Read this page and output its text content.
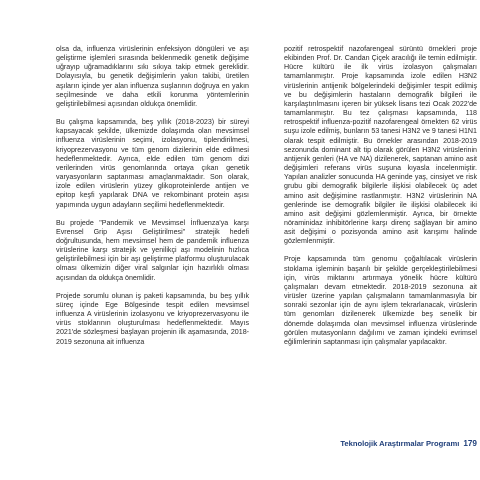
olsa da, influenza virüslerinin enfeksiyon döngüleri ve aşı geliştirme işlemleri sırasında beklenmedik genetik değişime uğrayıp uğramadıklarını sıkı sıkıya takip etmek gereklidir. Dolayısıyla, bu genetik değişimlerin yakın takibi, üretilen aşıların içinde yer alan influenza suşlarının doğruya en yakın seçilmesinde ve daha etkili korunma yöntemlerinin geliştirilebilmesi açısından oldukça önemlidir.

Bu çalışma kapsamında, beş yıllık (2018-2023) bir süreyi kapsayacak şekilde, ülkemizde dolaşımda olan mevsimsel influenza virüslerinin seçimi, izolasyonu, tiplendirilmesi, kriyoprezervasyonu ve tüm genom dizilerinin elde edilmesi hedeflenmektedir. Ayrıca, elde edilen tüm genom dizi verilerinden virüs genomlarında ortaya çıkan genetik varyasyonların saptanması amaçlanmaktadır. Son olarak, izole edilen virüslerin yüzey glikoproteinlerde antijen ve epitop keşfi yapılarak DNA ve rekombinant protein aşısı yapımında uygun adayların seçilimi hedeflenmektedir.

Bu projede "Pandemik ve Mevsimsel İnfluenza'ya karşı Evrensel Grip Aşısı Geliştirilmesi" stratejik hedefi doğrultusunda, hem mevsimsel hem de pandemik influenza virüslerine karşı stratejik ve yenilikçi aşı modelinin hızlıca geliştirilebilmesi için bir aşı geliştirme platformu oluşturulacak olması ülkemizin diğer viral salgınlar için hazırlıklı olması açısından da oldukça önemlidir.

Projede sorumlu olunan iş paketi kapsamında, bu beş yıllık süreç içinde Ege Bölgesinde tespit edilen mevsimsel influenza A virüslerinin izolasyonu ve kriyoprezervasyonu ile virüs stoklarının oluşturulması hedeflenmektedir. Mayıs 2021'de sözleşmesi başlayan projenin ilk aşamasında, 2018-2019 sezonuna ait influenza

pozitif retrospektif nazofarengeal sürüntü örnekleri proje ekibinden Prof. Dr. Candan Çiçek aracılığı ile temin edilmiştir. Hücre kültürü ile ilk virüs izolasyon çalışmaları tamamlanmıştır. Proje kapsamında izole edilen H3N2 virüslerinin antijenik bölgelerindeki değişimler tespit edilmiş ve bu değişimlerin hastaların demografik bilgileri ile karşılaştırılmasını içeren bir yüksek lisans tezi Ocak 2022'de tamamlanmıştır. Bu tez çalışması kapsamında, 118 retrospektif influenza-pozitif nazofarengeal örnekten 62 virüs suşu izole edilmiş, bunların 53 tanesi H3N2 ve 9 tanesi H1N1 olarak tespit edilmiştir. Bu örnekler arasından 2018-2019 sezonunda dominant alt tip olarak görülen H3N2 virüslerinin antijenik genleri (HA ve NA) dizilenerek, saptanan amino asit değişimleri referans virüs suşuna kıyasla incelenmiştir. Yapılan analizler sonucunda HA geninde yaş, cinsiyet ve risk grubu gibi demografik bilgilerle ilişkisi olabilecek üç adet amino asit değişimine rastlanmıştır. H3N2 virüslerinin NA genlerinde ise demografik bilgiler ile ilişkisi olabilecek iki amino asit değişimi gözlemlenmiştir. Ayrıca, bir örnekte nöraminidaz inhibitörlerine karşı direnç sağlayan bir amino asit değişimi o pozisyonda amino asit karışımı halinde gözlemlenmiştir.

Proje kapsamında tüm genomu çoğaltılacak virüslerin stoklama işleminin başarılı bir şekilde gerçekleştirilebilmesi için, virüs miktarını artırmaya yönelik hücre kültürü çalışmaları devam etmektedir. 2018-2019 sezonuna ait virüsler üzerine yapılan çalışmaların tamamlanmasıyla bir sonraki sezonlar için de aynı işlem tekrarlanacak, virüslerin tüm genomları dizilenerek ülkemizde beş senelik bir dönemde dolaşımda olan mevsimsel influenza virüslerinde görülen mutasyonların dağılımı ve zaman içindeki evrimsel eğilimlerinin saptanması için çalışmalar yapılacaktır.

Teknolojik Araştırmalar Programı 179
